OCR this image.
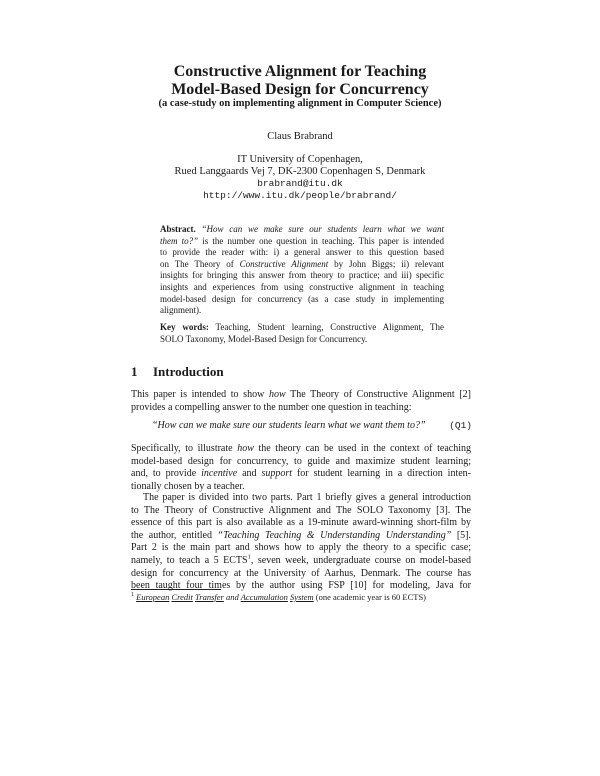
Constructive Alignment for Teaching
Model-Based Design for Concurrency
(a case-study on implementing alignment in Computer Science)
Claus Brabrand
IT University of Copenhagen,
Rued Langgaards Vej 7, DK-2300 Copenhagen S, Denmark
brabrand@itu.dk
http://www.itu.dk/people/brabrand/
Abstract. “How can we make sure our students learn what we want
them to?” is the number one question in teaching. This paper is intended
to provide the reader with: i) a general answer to this question based
on The Theory of Constructive Alignment by John Biggs; ii) relevant
insights for bringing this answer from theory to practice; and iii) specific
insights and experiences from using constructive alignment in teaching
model-based design for concurrency (as a case study in implementing
alignment).
Key words: Teaching, Student learning, Constructive Alignment, The
SOLO Taxonomy, Model-Based Design for Concurrency.
1 Introduction
This paper is intended to show how The Theory of Constructive Alignment [2]
provides a compelling answer to the number one question in teaching:
“How can we make sure our students learn what we want them to?” (Q1)
Specifically, to illustrate how the theory can be used in the context of teaching
model-based design for concurrency, to guide and maximize student learning;
and, to provide incentive and support for student learning in a direction inten-
tionally chosen by a teacher.
The paper is divided into two parts. Part 1 briefly gives a general introduction
to The Theory of Constructive Alignment and The SOLO Taxonomy [3]. The
essence of this part is also available as a 19-minute award-winning short-film by
the author, entitled “Teaching Teaching & Understanding Understanding” [5].
Part 2 is the main part and shows how to apply the theory to a specific case;
namely, to teach a 5 ECTS$^1$, seven week, undergraduate course on model-based
design for concurrency at the University of Aarhus, Denmark. The course has
been taught four times by the author using FSP [10] for modeling, Java for
$^1$ European Credit Transfer and Accumulation System (one academic year is 60 ECTS)
